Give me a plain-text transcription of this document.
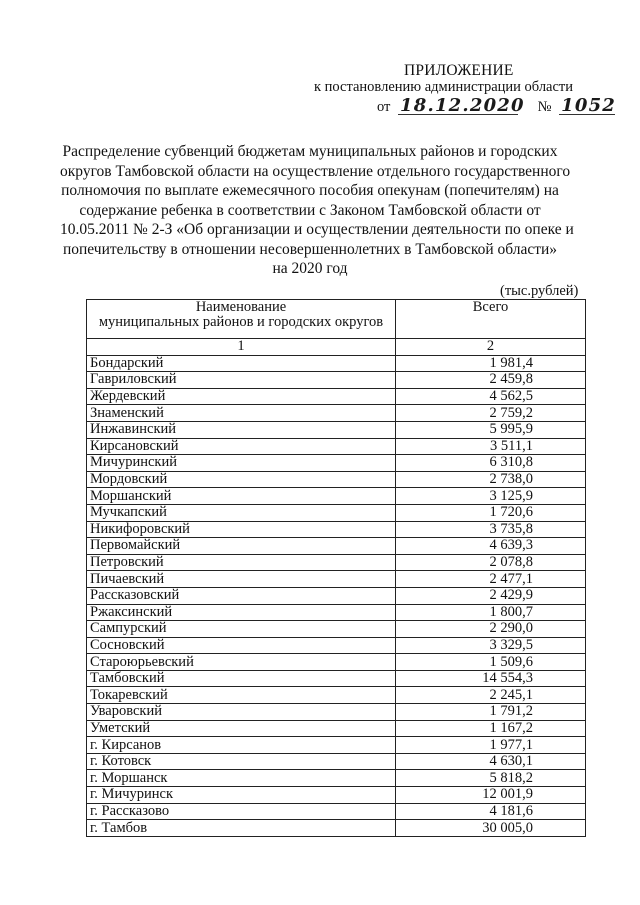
ПРИЛОЖЕНИЕ
к постановлению администрации области
от 18.12.2020 № 1052
Распределение субвенций бюджетам муниципальных районов и городских
округов Тамбовской области на осуществление отдельного государственного
полномочия по выплате ежемесячного пособия опекунам (попечителям) на
содержание ребенка в соответствии с Законом Тамбовской области от
10.05.2011 № 2-З «Об организации и осуществлении деятельности по опеке и
попечительству в отношении несовершеннолетних в Тамбовской области»
на 2020 год
(тыс.рублей)
Наименование
муниципальных районов и городских округов	Всего
1	2
Бондарский	1 981,4
Гавриловский	2 459,8
Жердевский	4 562,5
Знаменский	2 759,2
Инжавинский	5 995,9
Кирсановский	3 511,1
Мичуринский	6 310,8
Мордовский	2 738,0
Моршанский	3 125,9
Мучкапский	1 720,6
Никифоровский	3 735,8
Первомайский	4 639,3
Петровский	2 078,8
Пичаевский	2 477,1
Рассказовский	2 429,9
Ржаксинский	1 800,7
Сампурский	2 290,0
Сосновский	3 329,5
Староюрьевский	1 509,6
Тамбовский	14 554,3
Токаревский	2 245,1
Уваровский	1 791,2
Уметский	1 167,2
г. Кирсанов	1 977,1
г. Котовск	4 630,1
г. Моршанск	5 818,2
г. Мичуринск	12 001,9
г. Рассказово	4 181,6
г. Тамбов	30 005,0
